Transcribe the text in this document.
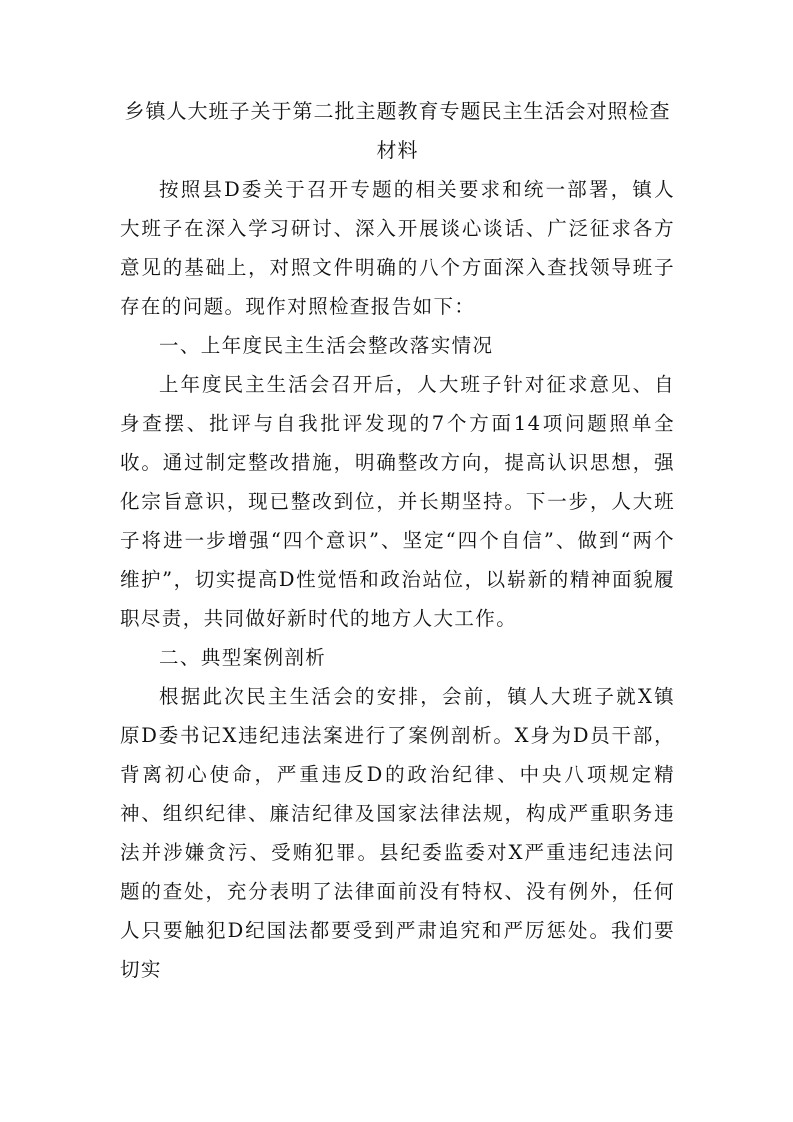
乡镇人大班子关于第二批主题教育专题民主生活会对照检查材料

按照县D委关于召开专题的相关要求和统一部署，镇人大班子在深入学习研讨、深入开展谈心谈话、广泛征求各方意见的基础上，对照文件明确的八个方面深入查找领导班子存在的问题。现作对照检查报告如下：

一、上年度民主生活会整改落实情况

上年度民主生活会召开后，人大班子针对征求意见、自身查摆、批评与自我批评发现的7个方面14项问题照单全收。通过制定整改措施，明确整改方向，提高认识思想，强化宗旨意识，现已整改到位，并长期坚持。下一步，人大班子将进一步增强“四个意识”、坚定“四个自信”、做到“两个维护”，切实提高D性觉悟和政治站位，以崭新的精神面貌履职尽责，共同做好新时代的地方人大工作。

二、典型案例剖析

根据此次民主生活会的安排，会前，镇人大班子就X镇原D委书记X违纪违法案进行了案例剖析。X身为D员干部，背离初心使命，严重违反D的政治纪律、中央八项规定精神、组织纪律、廉洁纪律及国家法律法规，构成严重职务违法并涉嫌贪污、受贿犯罪。县纪委监委对X严重违纪违法问题的查处，充分表明了法律面前没有特权、没有例外，任何人只要触犯D纪国法都要受到严肃追究和严厉惩处。我们要切实
